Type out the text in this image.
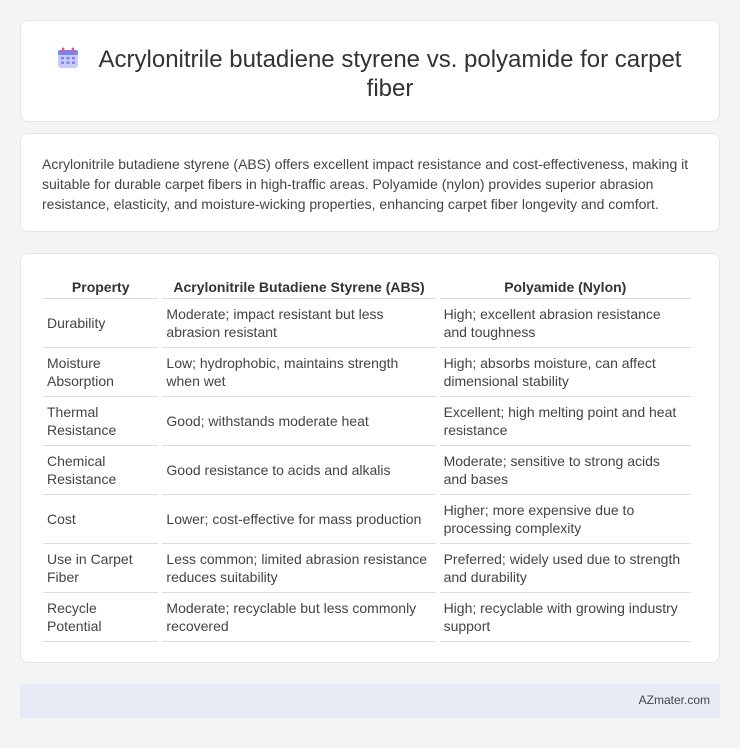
Acrylonitrile butadiene styrene vs. polyamide for carpet fiber

Acrylonitrile butadiene styrene (ABS) offers excellent impact resistance and cost-effectiveness, making it suitable for durable carpet fibers in high-traffic areas. Polyamide (nylon) provides superior abrasion resistance, elasticity, and moisture-wicking properties, enhancing carpet fiber longevity and comfort.

Property	Acrylonitrile Butadiene Styrene (ABS)	Polyamide (Nylon)
Durability	Moderate; impact resistant but less abrasion resistant	High; excellent abrasion resistance and toughness
Moisture Absorption	Low; hydrophobic, maintains strength when wet	High; absorbs moisture, can affect dimensional stability
Thermal Resistance	Good; withstands moderate heat	Excellent; high melting point and heat resistance
Chemical Resistance	Good resistance to acids and alkalis	Moderate; sensitive to strong acids and bases
Cost	Lower; cost-effective for mass production	Higher; more expensive due to processing complexity
Use in Carpet Fiber	Less common; limited abrasion resistance reduces suitability	Preferred; widely used due to strength and durability
Recycle Potential	Moderate; recyclable but less commonly recovered	High; recyclable with growing industry support
AZmater.com
